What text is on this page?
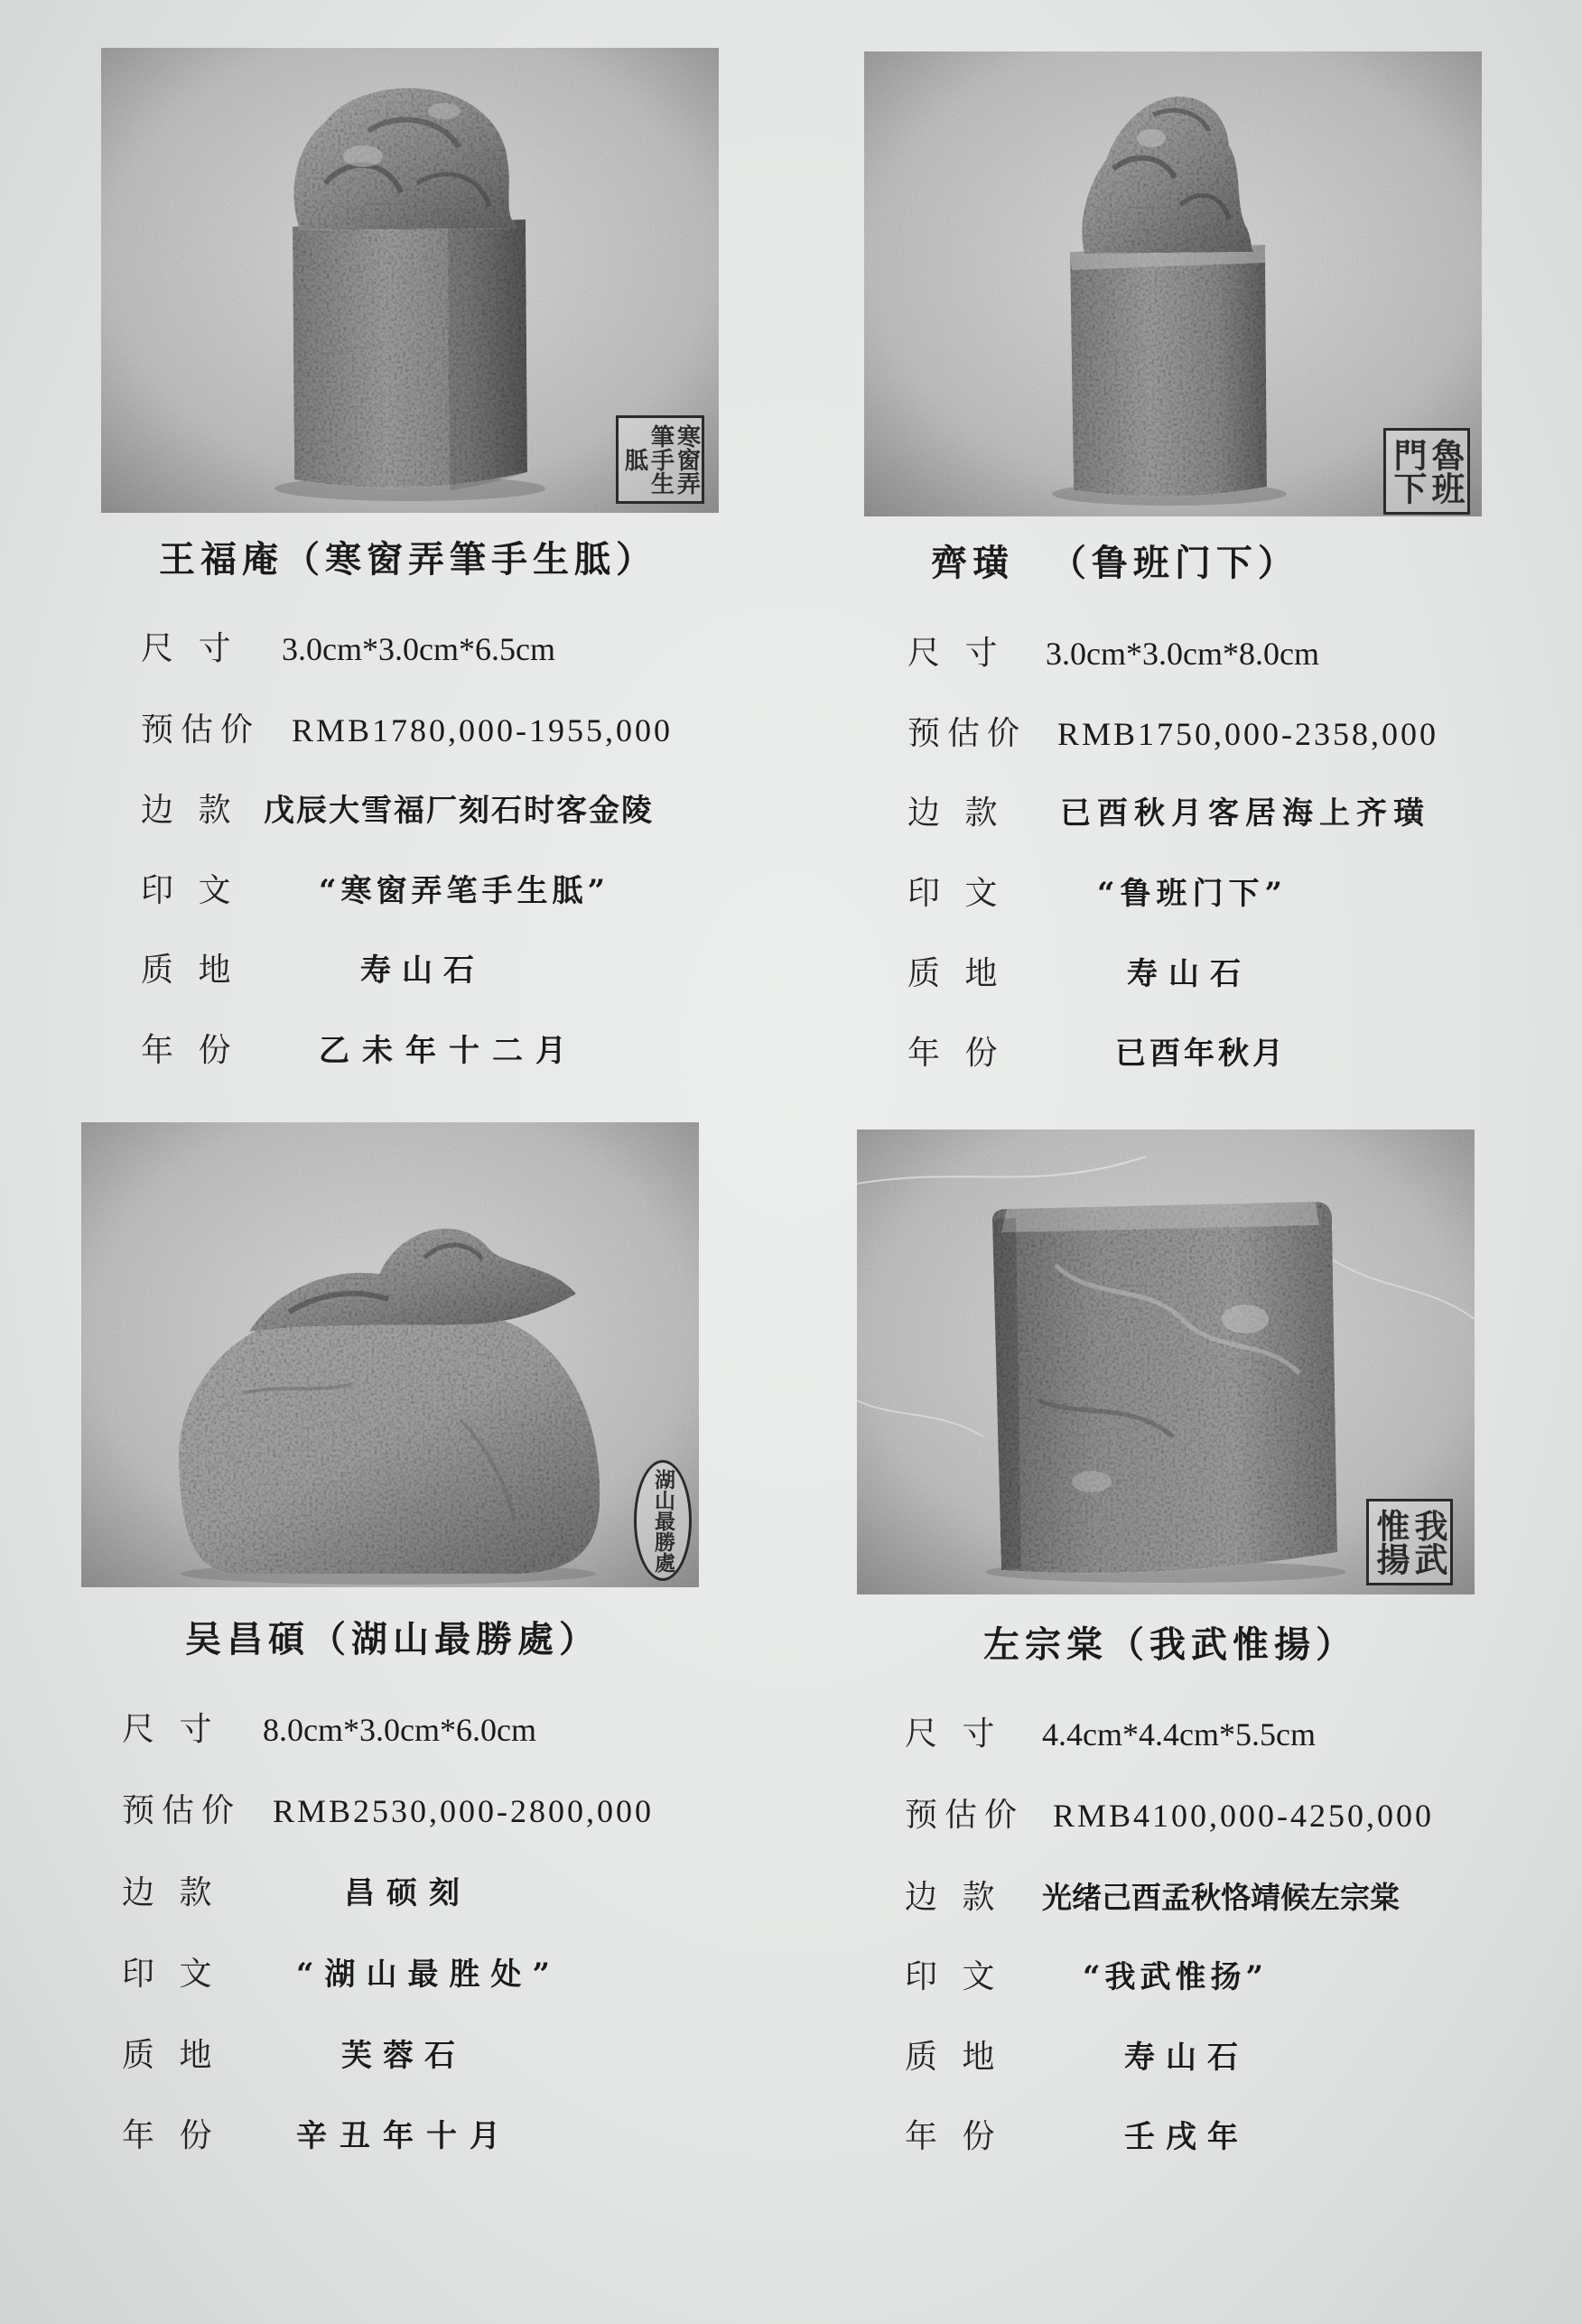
寒窗弄筆手生胝
王福庵（寒窗弄筆手生胝）
尺 寸 3.0cm*3.0cm*6.5cm
预估价 RMB1780,000-1955,000
边 款 戊辰大雪福厂刻石时客金陵
印 文	“寒窗弄笔手生胝”
质 地	寿山石
年 份	乙未年十二月
魯班門下
齊璜  （鲁班门下）
尺 寸 3.0cm*3.0cm*8.0cm
预估价 RMB1750,000-2358,000
边 款 已酉秋月客居海上齐璜
印 文	“鲁班门下”
质 地	寿山石
年 份	已酉年秋月
湖山最勝處
吴昌碩（湖山最勝處）
尺 寸 8.0cm*3.0cm*6.0cm
预估价 RMB2530,000-2800,000
边 款	昌硕刻
印 文	“湖山最胜处”
质 地	芙蓉石
年 份	辛丑年十月
我武惟揚
左宗棠（我武惟揚）
尺 寸 4.4cm*4.4cm*5.5cm
预估价 RMB4100,000-4250,000
边 款 光绪己酉孟秋恪靖候左宗棠
印 文	“我武惟扬”
质 地	寿山石
年 份	壬戌年
